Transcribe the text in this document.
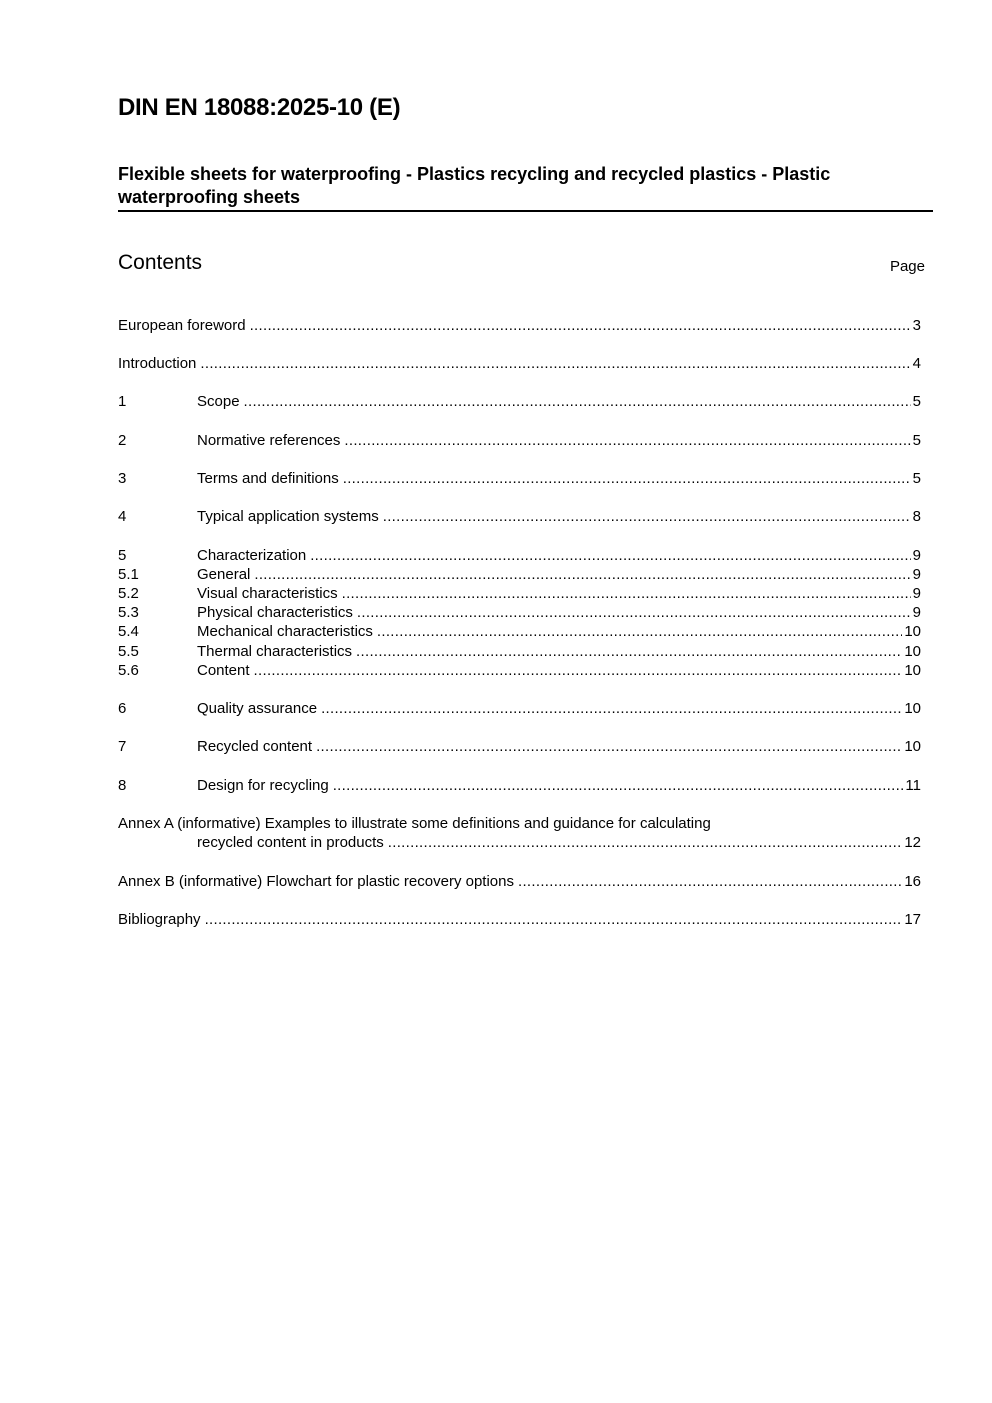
DIN EN 18088:2025-10 (E)
Flexible sheets for waterproofing - Plastics recycling and recycled plastics - Plastic waterproofing sheets
Contents	Page
European foreword .....	3
Introduction .....	4
1	Scope .....	5
2	Normative references .....	5
3	Terms and definitions .....	5
4	Typical application systems .....	8
5	Characterization .....	9
5.1	General .....	9
5.2	Visual characteristics .....	9
5.3	Physical characteristics .....	9
5.4	Mechanical characteristics .....	10
5.5	Thermal characteristics .....	10
5.6	Content .....	10
6	Quality assurance .....	10
7	Recycled content .....	10
8	Design for recycling .....	11
Annex A (informative) Examples to illustrate some definitions and guidance for calculating
recycled content in products .....	12
Annex B (informative) Flowchart for plastic recovery options .....	16
Bibliography .....	17
